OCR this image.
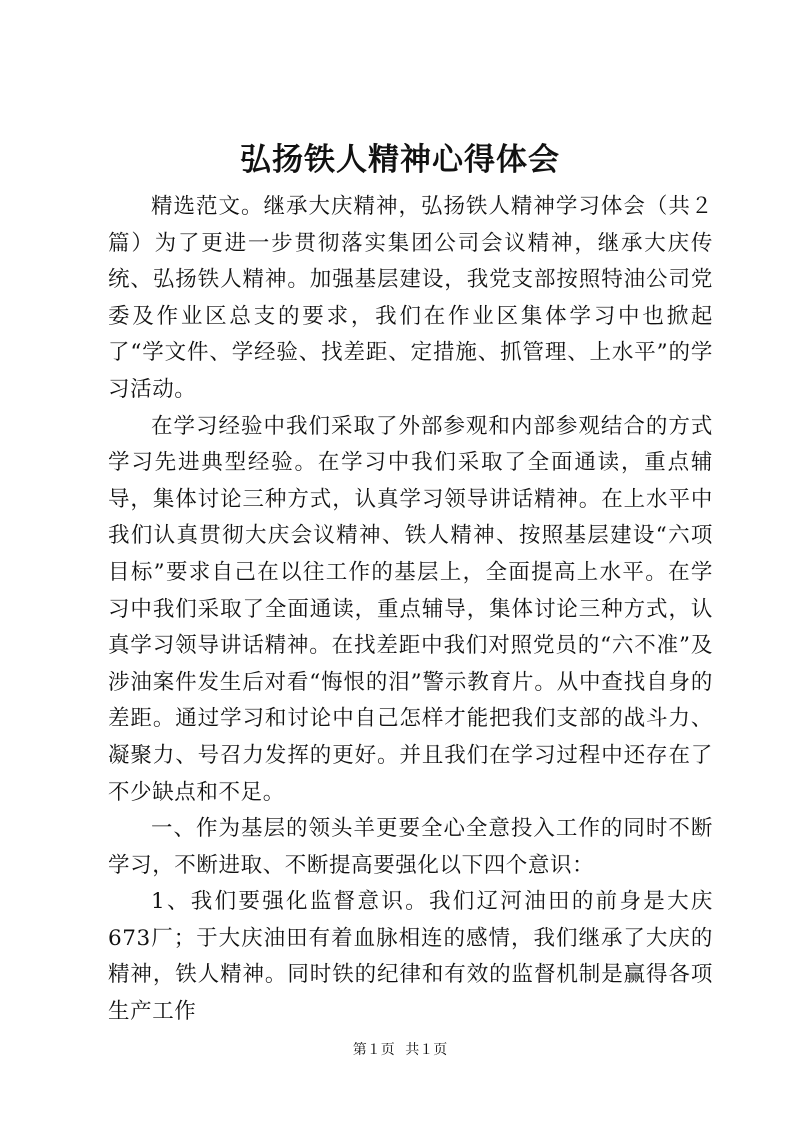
弘扬铁人精神心得体会

精选范文。继承大庆精神，弘扬铁人精神学习体会（共２篇）为了更进一步贯彻落实集团公司会议精神，继承大庆传统、弘扬铁人精神。加强基层建设，我党支部按照特油公司党委及作业区总支的要求，我们在作业区集体学习中也掀起了“学文件、学经验、找差距、定措施、抓管理、上水平”的学习活动。

在学习经验中我们采取了外部参观和内部参观结合的方式学习先进典型经验。在学习中我们采取了全面通读，重点辅导，集体讨论三种方式，认真学习领导讲话精神。在上水平中我们认真贯彻大庆会议精神、铁人精神、按照基层建设“六项目标”要求自己在以往工作的基层上，全面提高上水平。在学习中我们采取了全面通读，重点辅导，集体讨论三种方式，认真学习领导讲话精神。在找差距中我们对照党员的“六不准”及涉油案件发生后对看“悔恨的泪”警示教育片。从中查找自身的差距。通过学习和讨论中自己怎样才能把我们支部的战斗力、凝聚力、号召力发挥的更好。并且我们在学习过程中还存在了不少缺点和不足。

一、作为基层的领头羊更要全心全意投入工作的同时不断学习，不断进取、不断提高要强化以下四个意识：

1、我们要强化监督意识。我们辽河油田的前身是大庆673厂；于大庆油田有着血脉相连的感情，我们继承了大庆的精神，铁人精神。同时铁的纪律和有效的监督机制是赢得各项生产工作

第１页 共１页
